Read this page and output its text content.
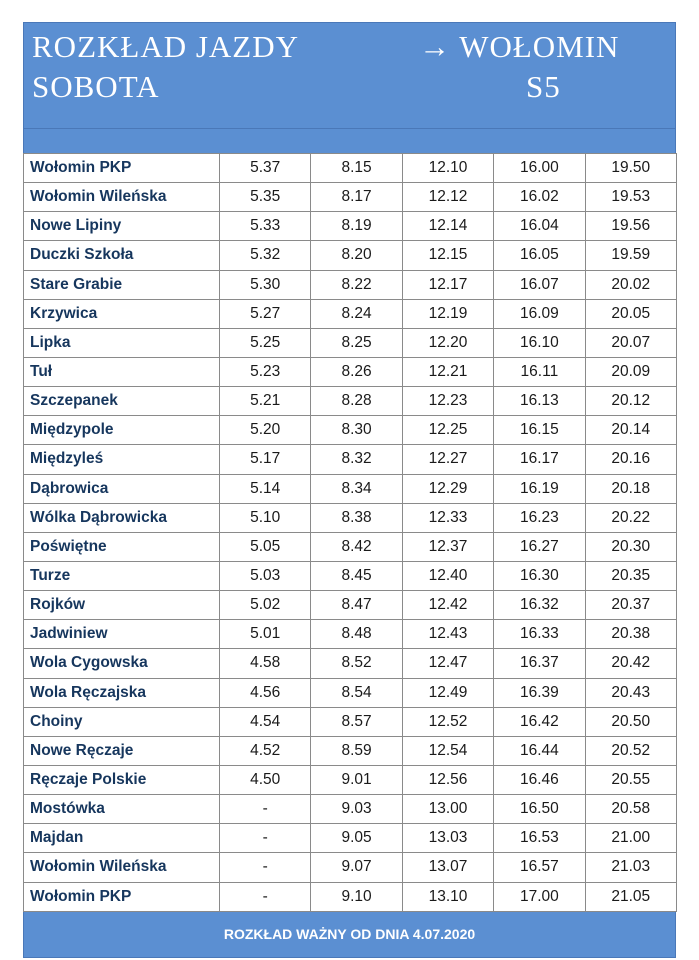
ROZKŁAD JAZDY
SOBOTA
→ WOŁOMIN
S5
Wołomin PKP	5.37	8.15	12.10	16.00	19.50
Wołomin Wileńska	5.35	8.17	12.12	16.02	19.53
Nowe Lipiny	5.33	8.19	12.14	16.04	19.56
Duczki Szkoła	5.32	8.20	12.15	16.05	19.59
Stare Grabie	5.30	8.22	12.17	16.07	20.02
Krzywica	5.27	8.24	12.19	16.09	20.05
Lipka	5.25	8.25	12.20	16.10	20.07
Tuł	5.23	8.26	12.21	16.11	20.09
Szczepanek	5.21	8.28	12.23	16.13	20.12
Międzypole	5.20	8.30	12.25	16.15	20.14
Międzyleś	5.17	8.32	12.27	16.17	20.16
Dąbrowica	5.14	8.34	12.29	16.19	20.18
Wólka Dąbrowicka	5.10	8.38	12.33	16.23	20.22
Poświętne	5.05	8.42	12.37	16.27	20.30
Turze	5.03	8.45	12.40	16.30	20.35
Rojków	5.02	8.47	12.42	16.32	20.37
Jadwiniew	5.01	8.48	12.43	16.33	20.38
Wola Cygowska	4.58	8.52	12.47	16.37	20.42
Wola Ręczajska	4.56	8.54	12.49	16.39	20.43
Choiny	4.54	8.57	12.52	16.42	20.50
Nowe Ręczaje	4.52	8.59	12.54	16.44	20.52
Ręczaje Polskie	4.50	9.01	12.56	16.46	20.55
Mostówka	-	9.03	13.00	16.50	20.58
Majdan	-	9.05	13.03	16.53	21.00
Wołomin Wileńska	-	9.07	13.07	16.57	21.03
Wołomin PKP	-	9.10	13.10	17.00	21.05
ROZKŁAD WAŻNY OD DNIA 4.07.2020
